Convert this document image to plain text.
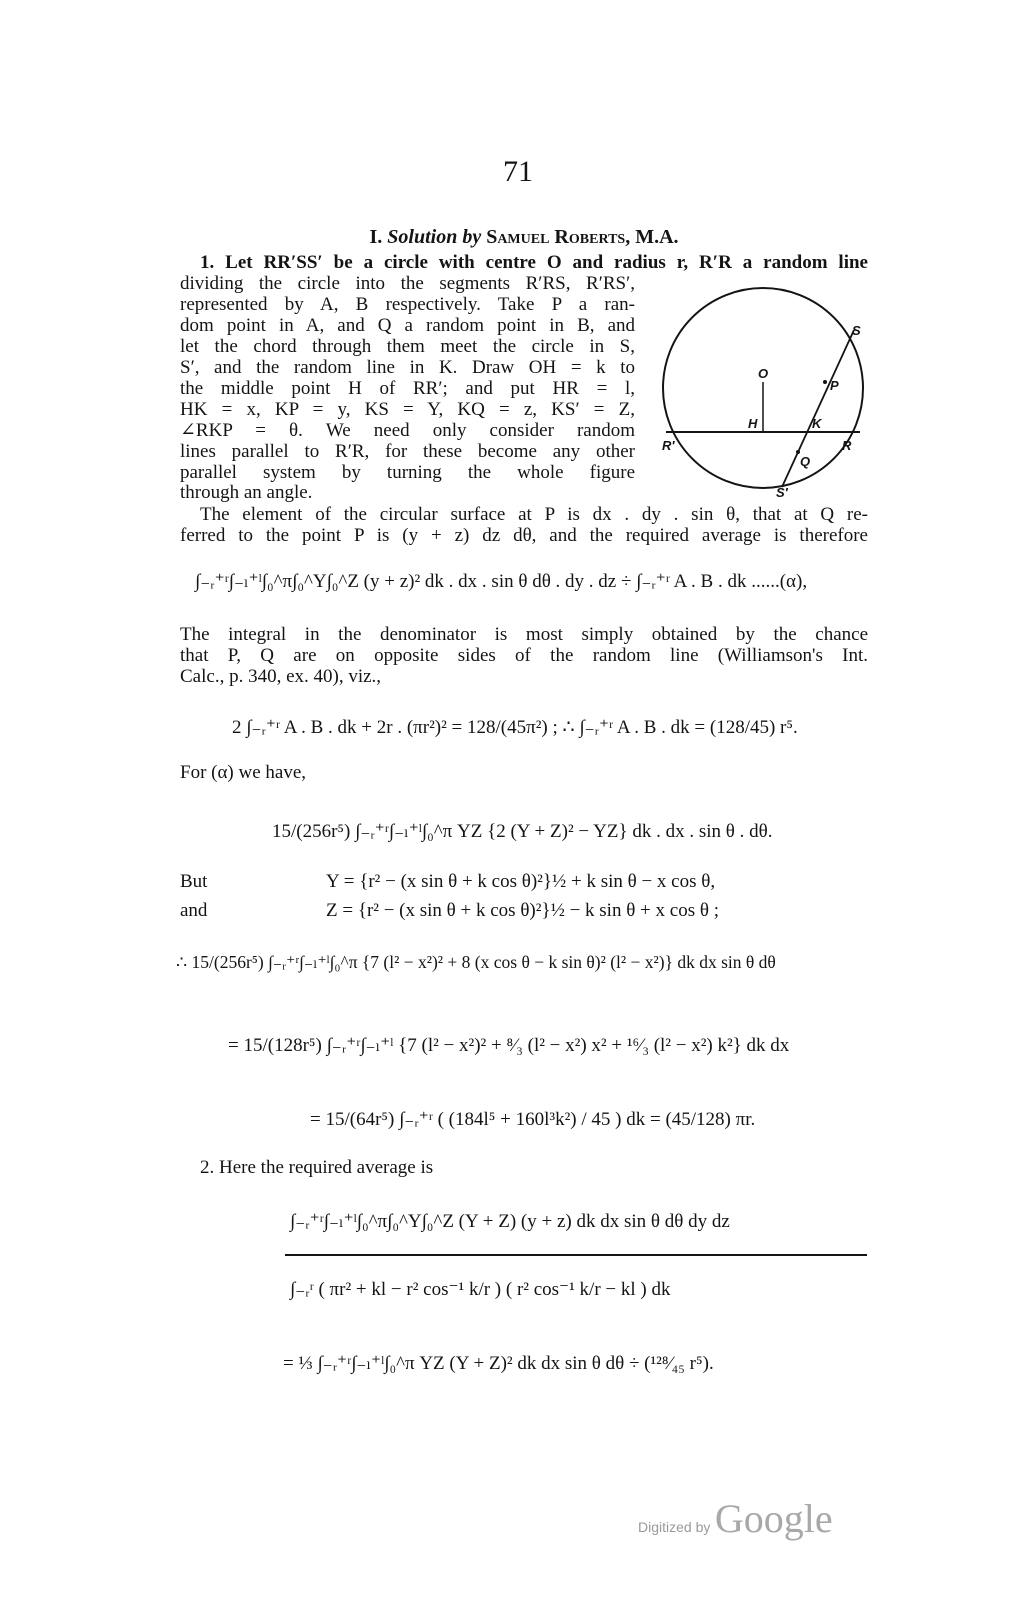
71
I. Solution by Samuel Roberts, M.A.
1. Let RR′SS′ be a circle with centre O and radius r, R′R a random line
dividing the circle into the segments R′RS, R′RS′,
represented by A, B respectively. Take P a ran-
dom point in A, and Q a random point in B, and
let the chord through them meet the circle in S,
S′, and the random line in K. Draw OH = k to
the middle point H of RR′; and put HR = l,
HK = x, KP = y, KS = Y, KQ = z, KS′ = Z,
∠RKP = θ. We need only consider random
lines parallel to R′R, for these become any other
parallel system by turning the whole figure
through an angle.
O
P
S
H	K
R′	R
Q
S′
The element of the circular surface at P is dx . dy . sin θ, that at Q re-
ferred to the point P is (y + z) dz dθ, and the required average is therefore
∫₋ᵣ⁺ʳ∫₋ₗ⁺ˡ∫₀^π∫₀^Y∫₀^Z (y + z)² dk . dx . sin θ dθ . dy . dz ÷ ∫₋ᵣ⁺ʳ A . B . dk ......(α),
The integral in the denominator is most simply obtained by the chance
that P, Q are on opposite sides of the random line (Williamson's Int.
Calc., p. 340, ex. 40), viz.,
2 ∫₋ᵣ⁺ʳ A . B . dk + 2r . (πr²)² = 128/(45π²) ; ∴ ∫₋ᵣ⁺ʳ A . B . dk = (128/45) r⁵.
For (α) we have,
15/(256r⁵) ∫₋ᵣ⁺ʳ∫₋ₗ⁺ˡ∫₀^π YZ {2 (Y + Z)² − YZ} dk . dx . sin θ . dθ.
But	Y = {r² − (x sin θ + k cos θ)²}½ + k sin θ − x cos θ,
and	Z = {r² − (x sin θ + k cos θ)²}½ − k sin θ + x cos θ ;
∴ 15/(256r⁵) ∫₋ᵣ⁺ʳ∫₋ₗ⁺ˡ∫₀^π {7 (l² − x²)² + 8 (x cos θ − k sin θ)² (l² − x²)} dk dx sin θ dθ
= 15/(128r⁵) ∫₋ᵣ⁺ʳ∫₋ₗ⁺ˡ {7 (l² − x²)² + ⁸⁄₃ (l² − x²) x² + ¹⁶⁄₃ (l² − x²) k²} dk dx
= 15/(64r⁵) ∫₋ᵣ⁺ʳ ( (184l⁵ + 160l³k²) / 45 ) dk = (45/128) πr.
2. Here the required average is
∫₋ᵣ⁺ʳ∫₋ₗ⁺ˡ∫₀^π∫₀^Y∫₀^Z (Y + Z) (y + z) dk dx sin θ dθ dy dz
∫₋ᵣʳ ( πr² + kl − r² cos⁻¹ k/r ) ( r² cos⁻¹ k/r − kl ) dk
= ⅓ ∫₋ᵣ⁺ʳ∫₋ₗ⁺ˡ∫₀^π YZ (Y + Z)² dk dx sin θ dθ ÷ (¹²⁸⁄₄₅ r⁵).
Digitized by Google
